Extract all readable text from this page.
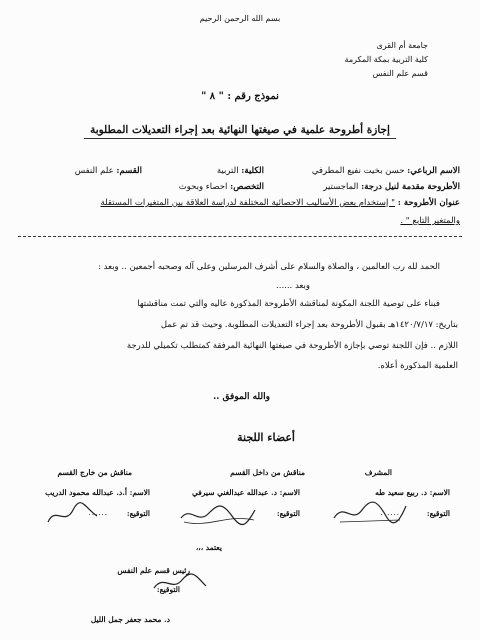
بسم الله الرحمن الرحيم
جامعة أم القرى
كلية التربية بمكة المكرمة
قسم علم النفس
نموذج رقم : " ٨ "
إجازة أطروحة علمية في صيغتها النهائية بعد إجراء التعديلات المطلوبة
الاسم الرباعي: حسن بخيت نفيع المطرفي
الكلية: التربية
القسم: علم النفس
الأطروحة مقدمة لنيل درجة: الماجستير
التخصص: احصاء وبحوث
عنوان الأطروحة : " إستخدام بعض الأساليب الاحصائية المختلفة لدراسة العلاقة بين المتغيرات المستقلة
والمتغير التابع " .
الحمد لله رب العالمين ، والصلاة والسلام على أشرف المرسلين وعلى آله وصحبه أجمعين .. وبعد :
وبعد ......
فبناء على توصية اللجنة المكونة لمناقشة الأطروحة المذكورة عاليه والتي تمت مناقشتها
بتاريخ: ١٤٢٠/٧/١٧هـ بقبول الأطروحة بعد إجراء التعديلات المطلوبة. وحيث قد تم عمل
اللازم .. فإن اللجنة توصي بإجازة الأطروحة في صيغتها النهائية المرفقة كمتطلب تكميلي للدرجة
العلمية المذكورة أعلاه.
والله الموفق ..
أعضاء اللجنة
المشرف
الاسم: د. ربيع سعيد طه
التوقيع:
......
مناقش من داخل القسم
الاسم: د. عبدالله عبدالغني سيرفي
التوقيع:
مناقش من خارج القسم
الاسم: أ.د. عبدالله محمود الدريب
التوقيع:
......
يعتمد ،،،
رئيس قسم علم النفس
التوقيع:
د. محمد جعفر جمل الليل
